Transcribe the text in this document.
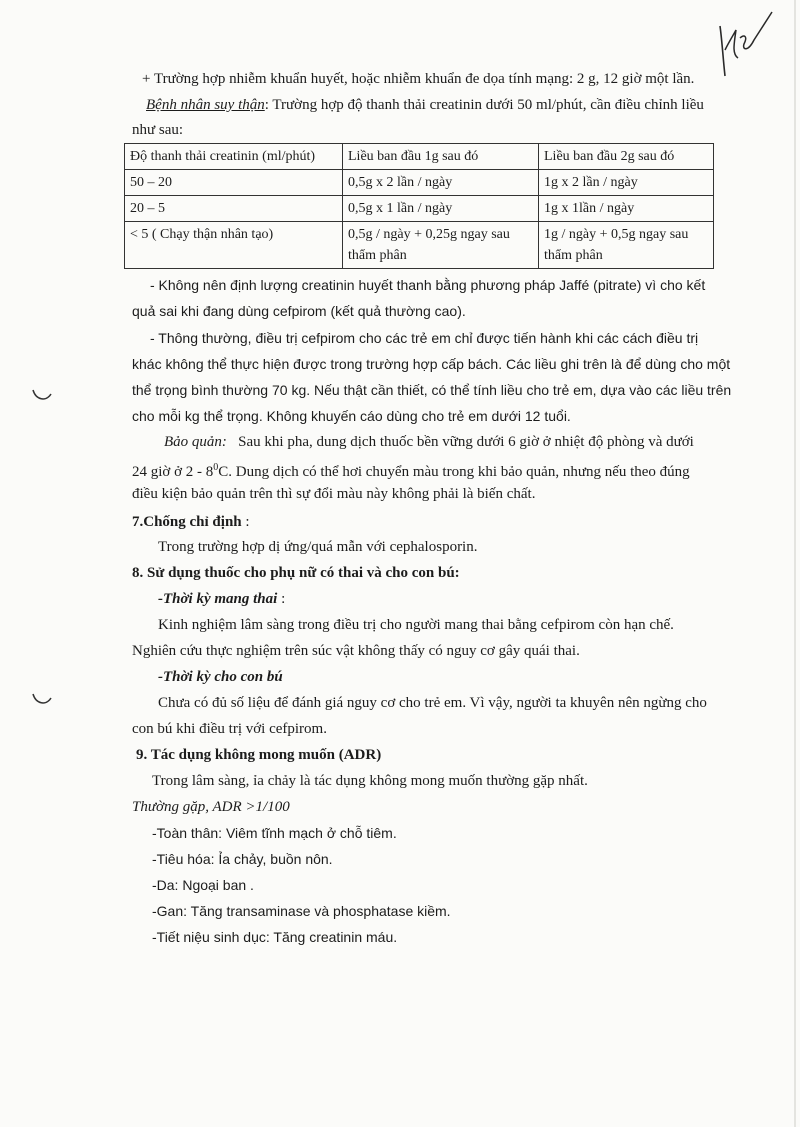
+ Trường hợp nhiễm khuẩn huyết, hoặc nhiễm khuẩn đe dọa tính mạng: 2 g, 12 giờ một lần.

Bệnh nhân suy thận: Trường hợp độ thanh thải creatinin dưới 50 ml/phút, cần điều chỉnh liều

như sau:

Độ thanh thải creatinin (ml/phút)	Liều ban đầu 1g sau đó	Liều ban đầu 2g sau đó
50 – 20	0,5g x 2 lần / ngày	1g x 2 lần / ngày
20 – 5	0,5g x 1 lần / ngày	1g x 1lần / ngày
< 5 ( Chạy thận nhân tạo)	0,5g / ngày + 0,25g ngay sau thẩm phân	1g / ngày + 0,5g ngay sau thẩm phân

- Không nên định lượng creatinin huyết thanh bằng phương pháp Jaffé (pitrate) vì cho kết

quả sai khi đang dùng cefpirom (kết quả thường cao).

- Thông thường, điều trị cefpirom cho các trẻ em chỉ được tiến hành khi các cách điều trị

khác không thể thực hiện được trong trường hợp cấp bách. Các liều ghi trên là để dùng cho một

thể trọng bình thường 70 kg. Nếu thật cần thiết, có thể tính liều cho trẻ em, dựa vào các liều trên

cho mỗi kg thể trọng. Không khuyến cáo dùng cho trẻ em dưới 12 tuổi.

Bảo quản: Sau khi pha, dung dịch thuốc bền vững dưới 6 giờ ở nhiệt độ phòng và dưới

24 giờ ở $2 - 8^0C$. Dung dịch có thể hơi chuyển màu trong khi bảo quản, nhưng nếu theo đúng

điều kiện bảo quản trên thì sự đổi màu này không phải là biến chất.

7.Chống chỉ định :

Trong trường hợp dị ứng/quá mẫn với cephalosporin.

8. Sử dụng thuốc cho phụ nữ có thai và cho con bú:

-Thời kỳ mang thai :

Kinh nghiệm lâm sàng trong điều trị cho người mang thai bằng cefpirom còn hạn chế.

Nghiên cứu thực nghiệm trên súc vật không thấy có nguy cơ gây quái thai.

-Thời kỳ cho con bú

Chưa có đủ số liệu để đánh giá nguy cơ cho trẻ em. Vì vậy, người ta khuyên nên ngừng cho

con bú khi điều trị với cefpirom.

9. Tác dụng không mong muốn (ADR)

Trong lâm sàng, ỉa chảy là tác dụng không mong muốn thường gặp nhất.

Thường gặp, ADR >1/100

-Toàn thân: Viêm tĩnh mạch ở chỗ tiêm.

-Tiêu hóa: Ỉa chảy, buồn nôn.

-Da: Ngoại ban .

-Gan: Tăng transaminase và phosphatase kiềm.

-Tiết niệu sinh dục: Tăng creatinin máu.
